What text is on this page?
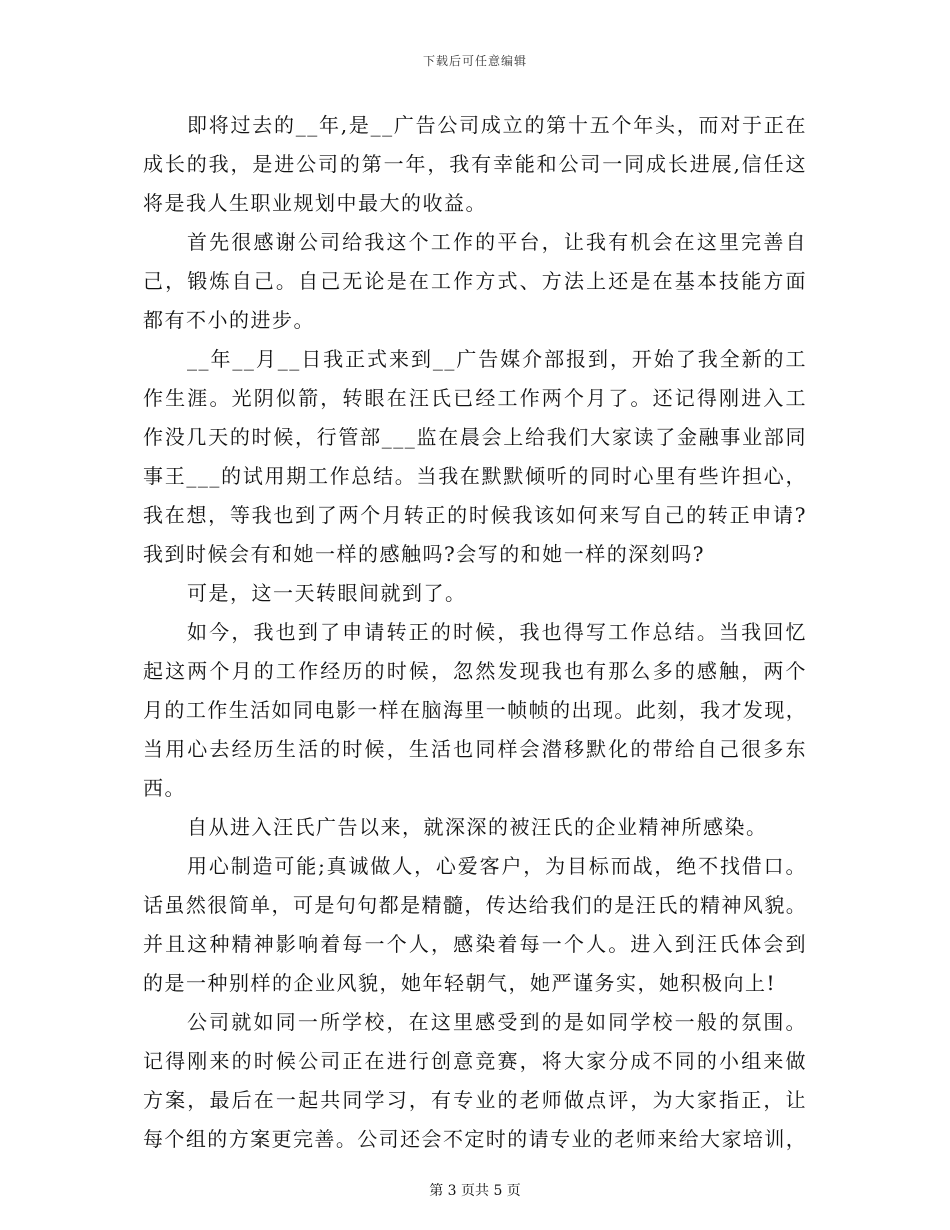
下载后可任意编辑
即将过去的__年,是__广告公司成立的第十五个年头，而对于正在
成长的我，是进公司的第一年，我有幸能和公司一同成长进展,信任这
将是我人生职业规划中最大的收益。
首先很感谢公司给我这个工作的平台，让我有机会在这里完善自
己，锻炼自己。自己无论是在工作方式、方法上还是在基本技能方面
都有不小的进步。
__年__月__日我正式来到__广告媒介部报到，开始了我全新的工
作生涯。光阴似箭，转眼在汪氏已经工作两个月了。还记得刚进入工
作没几天的时候，行管部___监在晨会上给我们大家读了金融事业部同
事王___的试用期工作总结。当我在默默倾听的同时心里有些许担心，
我在想，等我也到了两个月转正的时候我该如何来写自己的转正申请?
我到时候会有和她一样的感触吗?会写的和她一样的深刻吗?
可是，这一天转眼间就到了。
如今，我也到了申请转正的时候，我也得写工作总结。当我回忆
起这两个月的工作经历的时候，忽然发现我也有那么多的感触，两个
月的工作生活如同电影一样在脑海里一帧帧的出现。此刻，我才发现，
当用心去经历生活的时候，生活也同样会潜移默化的带给自己很多东
西。
自从进入汪氏广告以来，就深深的被汪氏的企业精神所感染。
用心制造可能;真诚做人，心爱客户，为目标而战，绝不找借口。
话虽然很简单，可是句句都是精髓，传达给我们的是汪氏的精神风貌。
并且这种精神影响着每一个人，感染着每一个人。进入到汪氏体会到
的是一种别样的企业风貌，她年轻朝气，她严谨务实，她积极向上!
公司就如同一所学校，在这里感受到的是如同学校一般的氛围。
记得刚来的时候公司正在进行创意竞赛，将大家分成不同的小组来做
方案，最后在一起共同学习，有专业的老师做点评，为大家指正，让
每个组的方案更完善。公司还会不定时的请专业的老师来给大家培训，
第 3 页共 5 页
